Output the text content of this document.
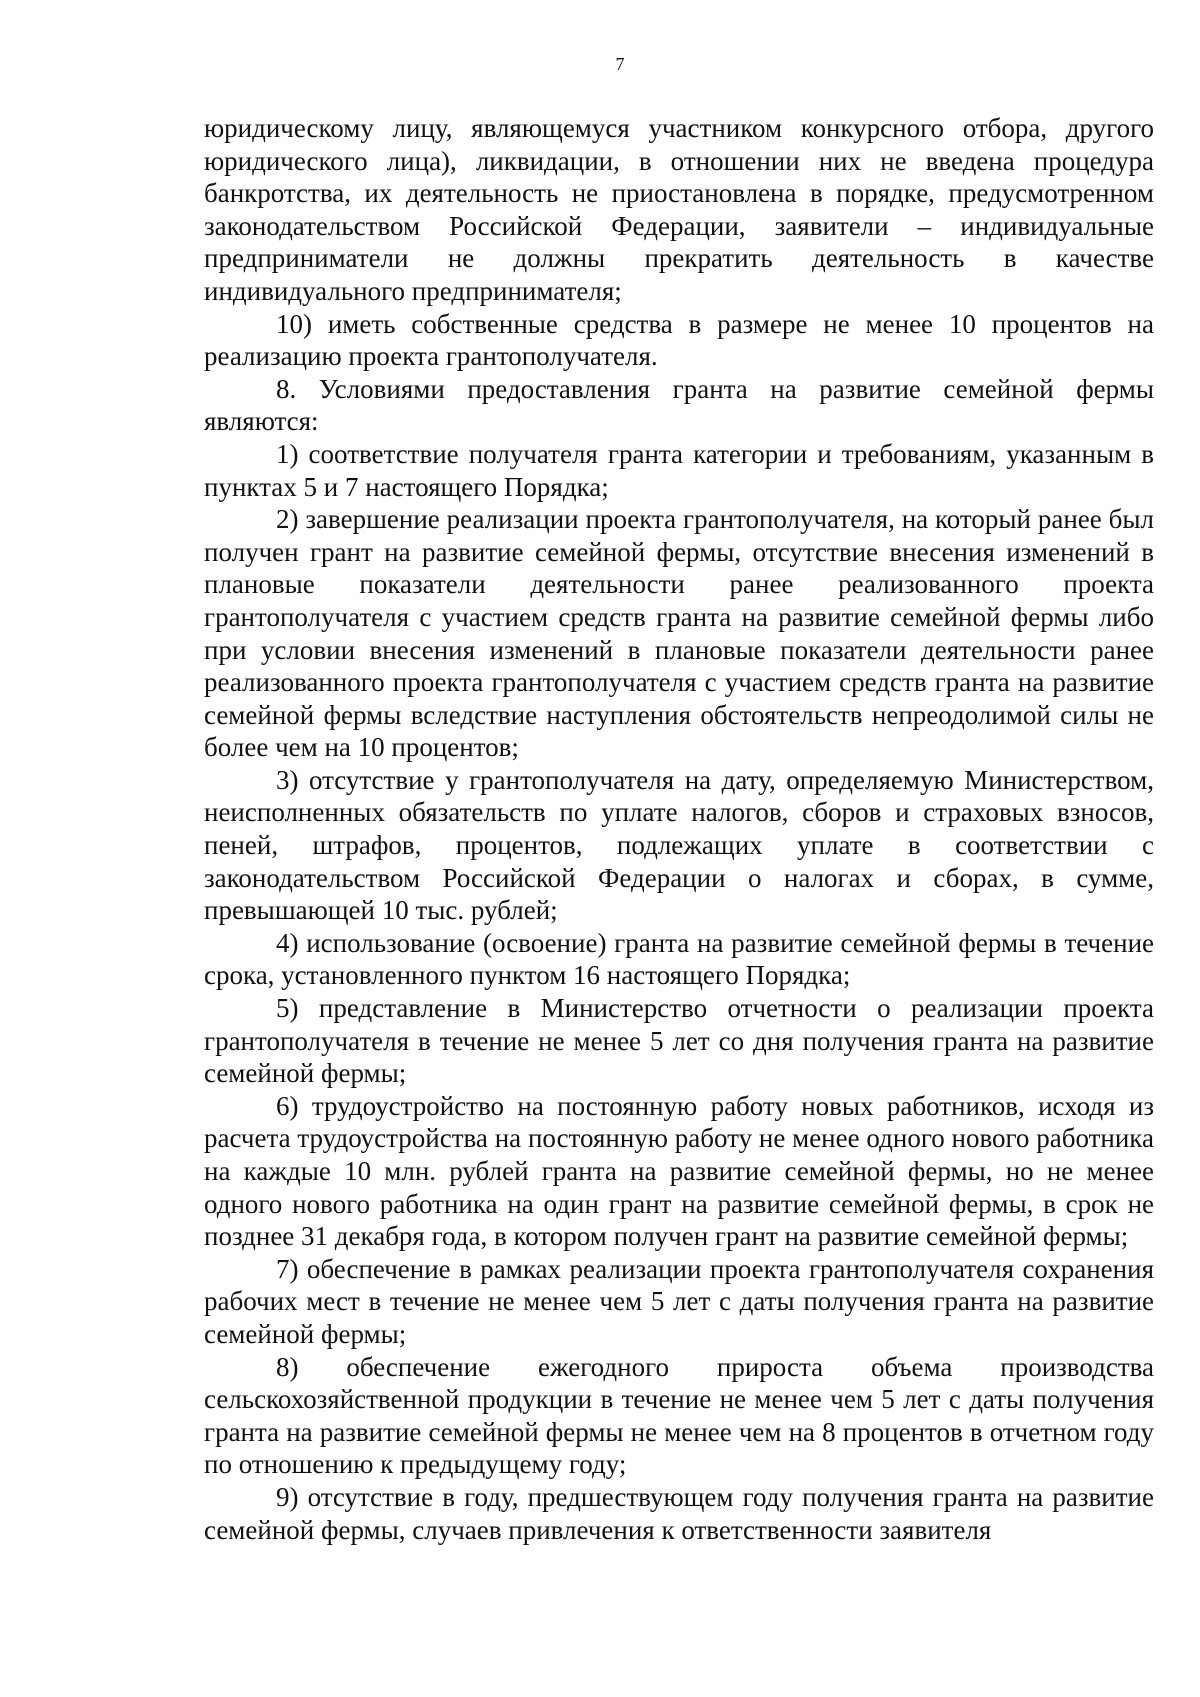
7

юридическому лицу, являющемуся участником конкурсного отбора, другого юридического лица), ликвидации, в отношении них не введена процедура банкротства, их деятельность не приостановлена в порядке, предусмотренном законодательством Российской Федерации, заявители – индивидуальные предприниматели не должны прекратить деятельность в качестве индивидуального предпринимателя;

10) иметь собственные средства в размере не менее 10 процентов на реализацию проекта грантополучателя.

8. Условиями предоставления гранта на развитие семейной фермы являются:

1) соответствие получателя гранта категории и требованиям, указанным в пунктах 5 и 7 настоящего Порядка;

2) завершение реализации проекта грантополучателя, на который ранее был получен грант на развитие семейной фермы, отсутствие внесения изменений в плановые показатели деятельности ранее реализованного проекта грантополучателя с участием средств гранта на развитие семейной фермы либо при условии внесения изменений в плановые показатели деятельности ранее реализованного проекта грантополучателя с участием средств гранта на развитие семейной фермы вследствие наступления обстоятельств непреодолимой силы не более чем на 10 процентов;

3) отсутствие у грантополучателя на дату, определяемую Министерством, неисполненных обязательств по уплате налогов, сборов и страховых взносов, пеней, штрафов, процентов, подлежащих уплате в соответствии с законодательством Российской Федерации о налогах и сборах, в сумме, превышающей 10 тыс. рублей;

4) использование (освоение) гранта на развитие семейной фермы в течение срока, установленного пунктом 16 настоящего Порядка;

5) представление в Министерство отчетности о реализации проекта грантополучателя в течение не менее 5 лет со дня получения гранта на развитие семейной фермы;

6) трудоустройство на постоянную работу новых работников, исходя из расчета трудоустройства на постоянную работу не менее одного нового работника на каждые 10 млн. рублей гранта на развитие семейной фермы, но не менее одного нового работника на один грант на развитие семейной фермы, в срок не позднее 31 декабря года, в котором получен грант на развитие семейной фермы;

7) обеспечение в рамках реализации проекта грантополучателя сохранения рабочих мест в течение не менее чем 5 лет с даты получения гранта на развитие семейной фермы;

8) обеспечение ежегодного прироста объема производства сельскохозяйственной продукции в течение не менее чем 5 лет с даты получения гранта на развитие семейной фермы не менее чем на 8 процентов в отчетном году по отношению к предыдущему году;

9) отсутствие в году, предшествующем году получения гранта на развитие семейной фермы, случаев привлечения к ответственности заявителя
